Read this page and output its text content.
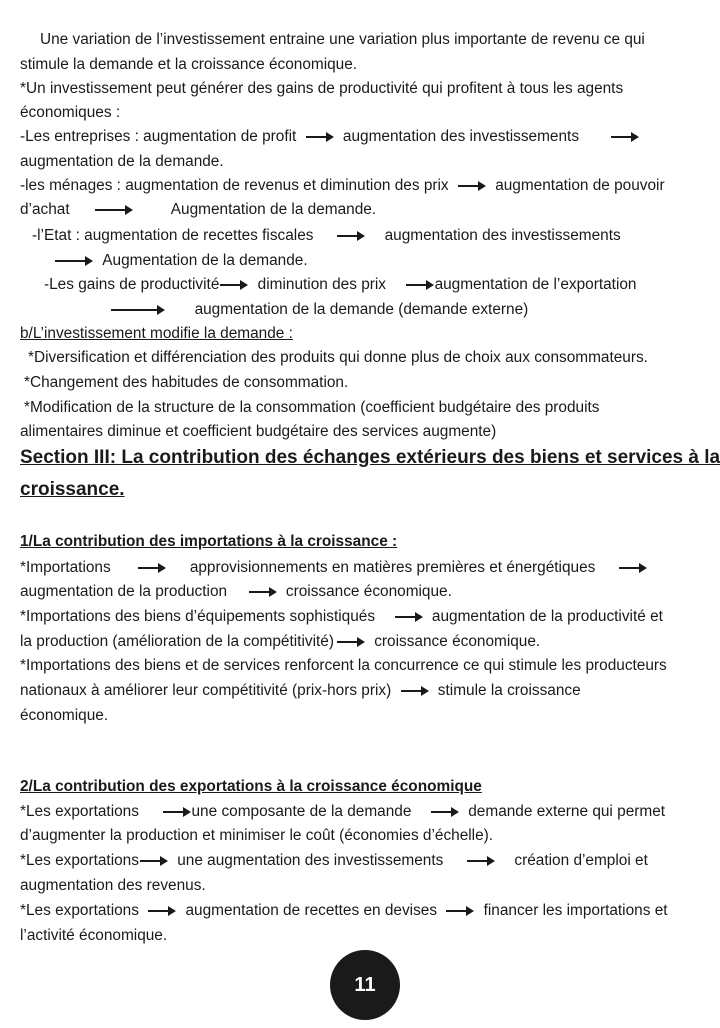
Une variation de l’investissement entraine une variation plus importante de revenu ce qui
stimule la demande et la croissance économique.
*Un investissement peut générer des gains de productivité qui profitent à tous les agents
économiques :
-Les entreprises : augmentation de profit	augmentation des investissements
augmentation de la demande.
-les ménages : augmentation de revenus et diminution des prix	augmentation de pouvoir
d’achat	Augmentation de la demande.
-l’Etat : augmentation de recettes fiscales	augmentation des investissements
Augmentation de la demande.
-Les gains de productivité diminution des prix	augmentation de l’exportation
augmentation de la demande (demande externe)
b/L’investissement modifie la demande :
*Diversification et différenciation des produits qui donne plus de choix aux consommateurs.
*Changement des habitudes de consommation.
*Modification de la structure de la consommation (coefficient budgétaire des produits
alimentaires diminue et coefficient budgétaire des services augmente)
Section III: La contribution des échanges extérieurs des biens et services à la
croissance.
1/La contribution des importations à la croissance :
*Importations	approvisionnements en matières premières et énergétiques
augmentation de la production	croissance économique.
*Importations des biens d’équipements sophistiqués	augmentation de la productivité et
la production (amélioration de la compétitivité)	croissance économique.
*Importations des biens et de services renforcent la concurrence ce qui stimule les producteurs
nationaux à améliorer leur compétitivité (prix-hors prix)	stimule la croissance
économique.
2/La contribution des exportations à la croissance économique
*Les exportations	une composante de la demande	demande externe qui permet
d’augmenter la production et minimiser le coût (économies d’échelle).
*Les exportations une augmentation des investissements	création d’emploi et
augmentation des revenus.
*Les exportations	augmentation de recettes en devises	financer les importations et
l’activité économique.
11
